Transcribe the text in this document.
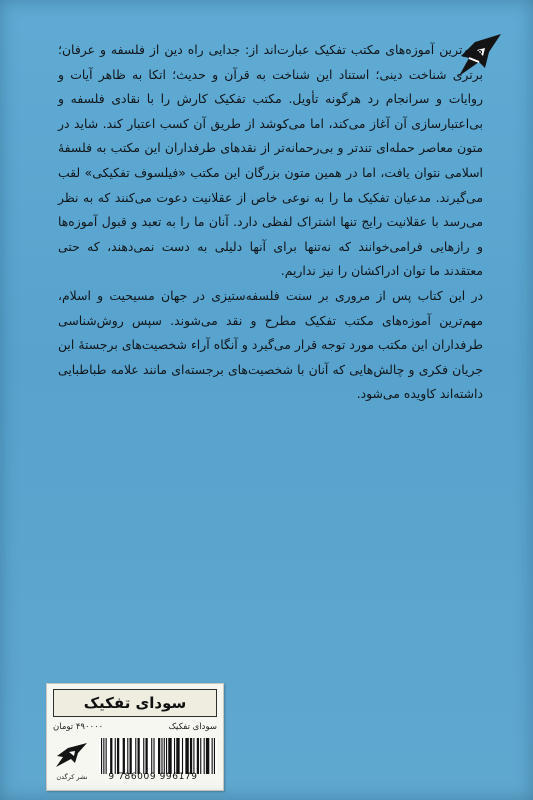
مهم‌ترین آموزه‌های مکتب تفکیک عبارت‌اند از: جدایی راه دین از فلسفه و عرفان؛ برتری شناخت دینی؛ استناد این شناخت به قرآن و حدیث؛ اتکا به ظاهر آیات و روایات و سرانجام رد هرگونه تأویل. مکتب تفکیک کارش را با نقادی فلسفه و بی‌اعتبارسازی آن آغاز می‌کند، اما می‌کوشد از طریق آن کسب اعتبار کند. شاید در متون معاصر حمله‌ای تندتر و بی‌رحمانه‌تر از نقدهای طرفداران این مکتب به فلسفهٔ اسلامی نتوان یافت، اما در همین متون بزرگان این مکتب «فیلسوف تفکیکی» لقب می‌گیرند. مدعیان تفکیک ما را به نوعی خاص از عقلانیت دعوت می‌کنند که به نظر می‌رسد با عقلانیت رایج تنها اشتراک لفظی دارد. آنان ما را به تعبد و قبول آموزه‌ها و رازهایی فرامی‌خوانند که نه‌تنها برای آنها دلیلی به دست نمی‌دهند، که حتی معتقدند ما توان ادراکشان را نیز نداریم.

در این کتاب پس از مروری بر سنت فلسفه‌ستیزی در جهان مسیحیت و اسلام، مهم‌ترین آموزه‌های مکتب تفکیک مطرح و نقد می‌شوند. سپس روش‌شناسی طرفداران این مکتب مورد توجه قرار می‌گیرد و آنگاه آراء شخصیت‌های برجستهٔ این جریان فکری و چالش‌هایی که آنان با شخصیت‌های برجسته‌ای مانند علامه طباطبایی داشته‌اند کاویده می‌شود.

سودای تفکیک
۴۹۰۰۰۰ تومان	سودای تفکیک
نشر کرگدن	9 786009 996179
